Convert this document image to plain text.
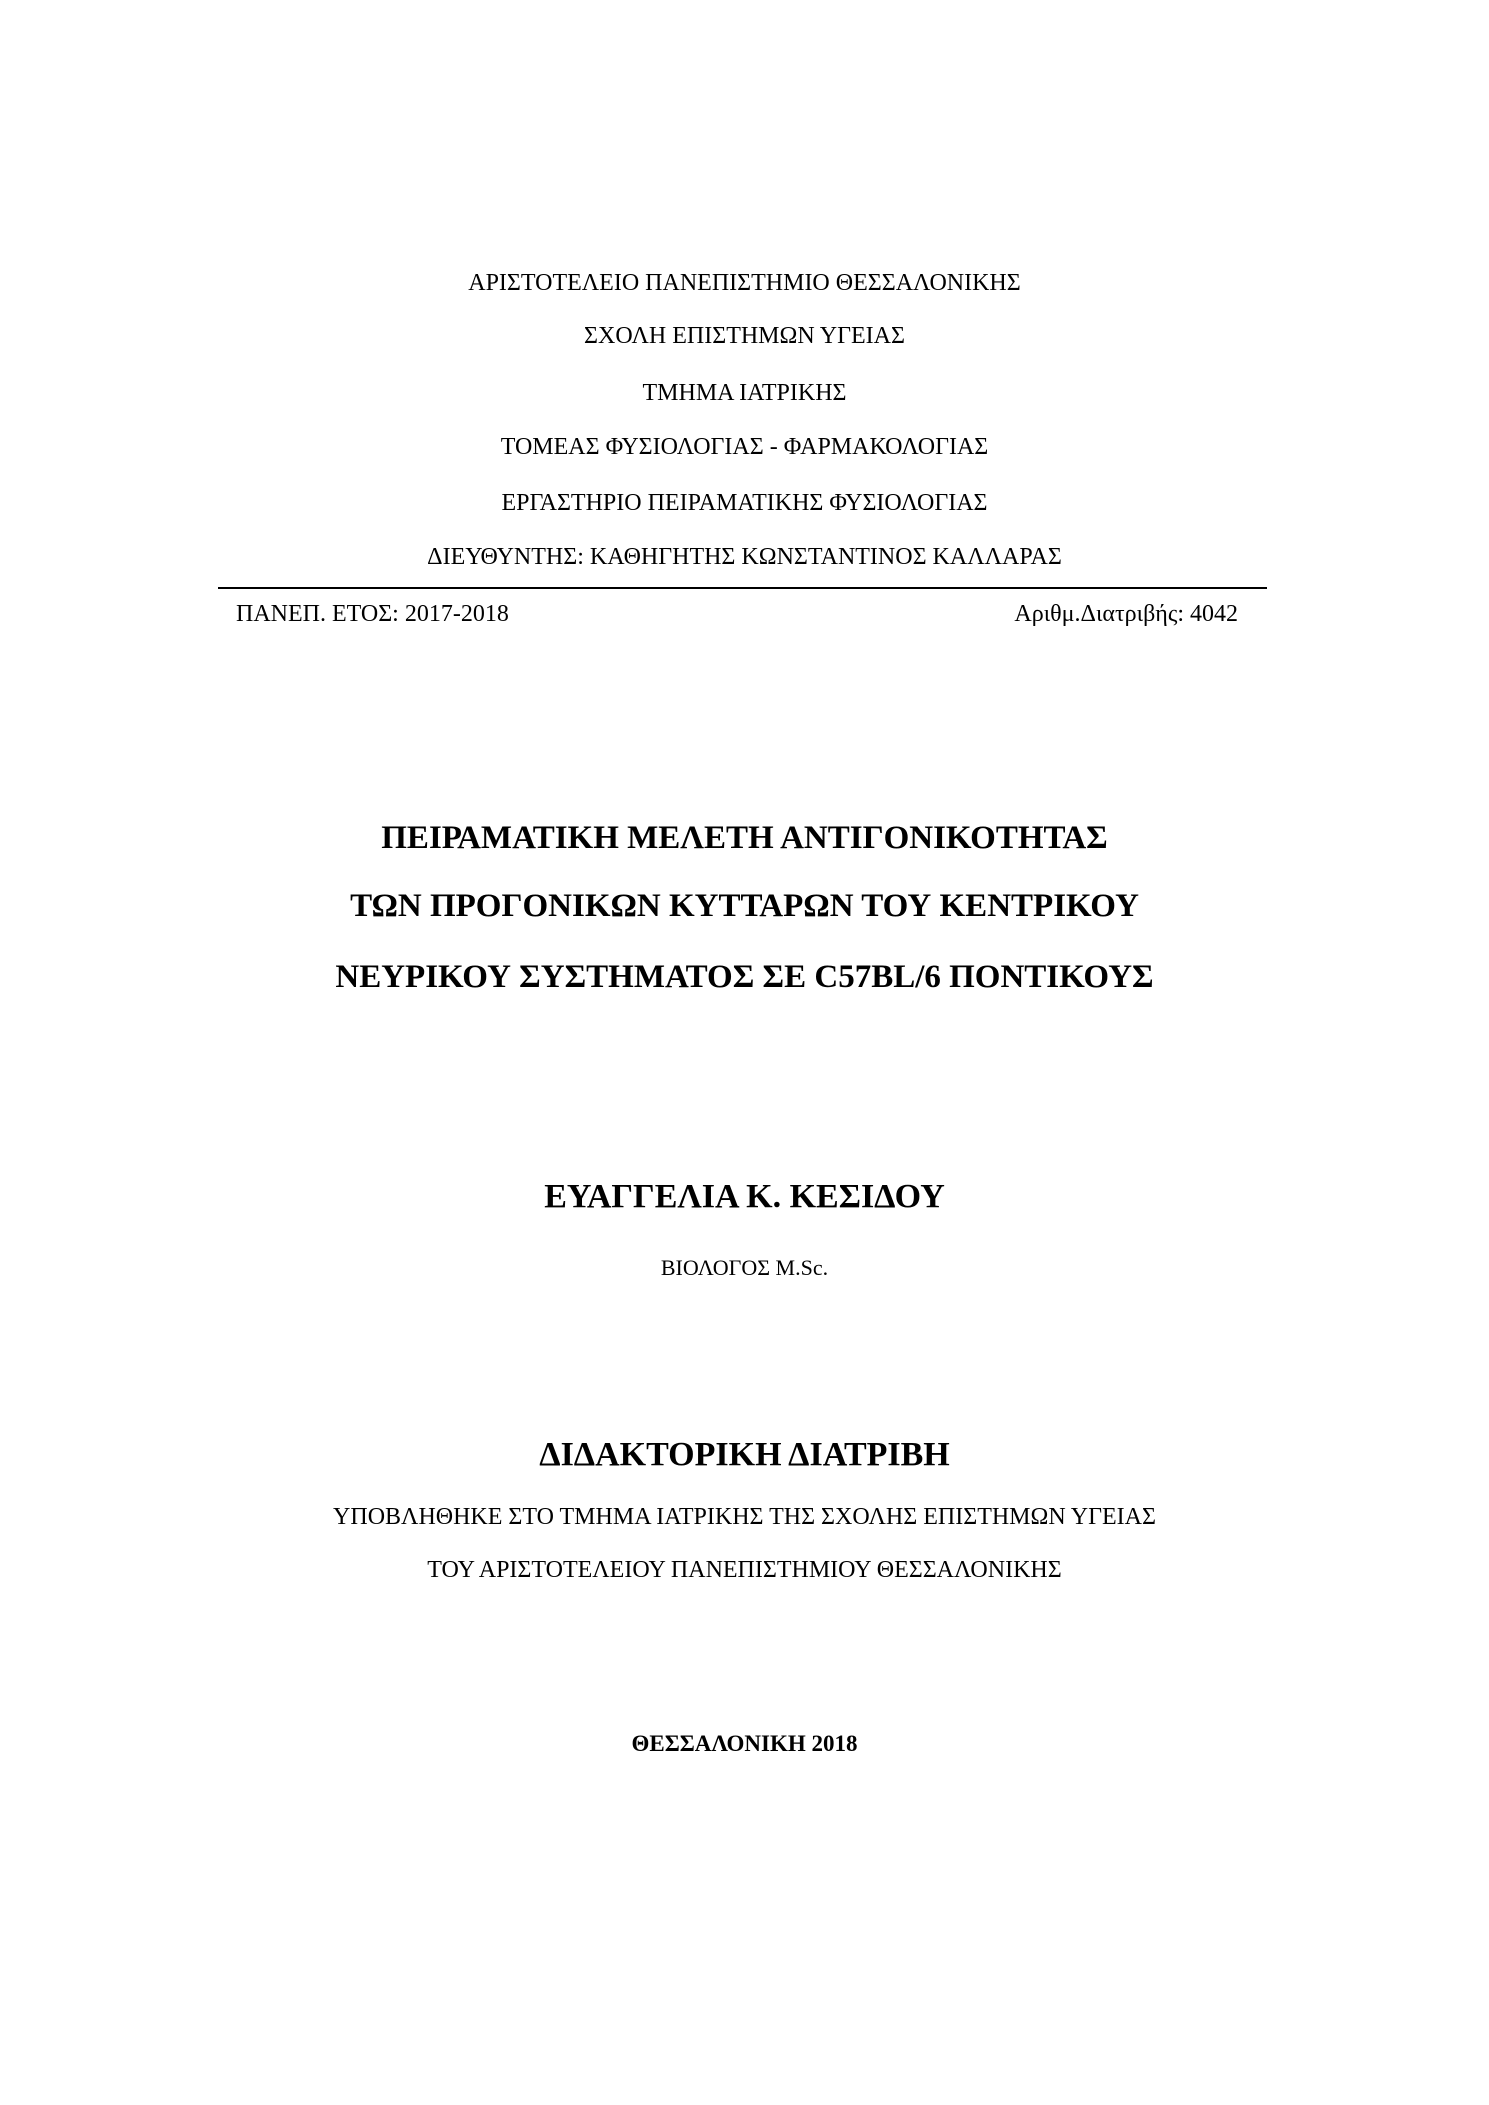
ΑΡΙΣΤΟΤΕΛΕΙΟ ΠΑΝΕΠΙΣΤΗΜΙΟ ΘΕΣΣΑΛΟΝΙΚΗΣ
ΣΧΟΛΗ ΕΠΙΣΤΗΜΩΝ ΥΓΕΙΑΣ
ΤΜΗΜΑ ΙΑΤΡΙΚΗΣ
ΤΟΜΕΑΣ ΦΥΣΙΟΛΟΓΙΑΣ - ΦΑΡΜΑΚΟΛΟΓΙΑΣ
ΕΡΓΑΣΤΗΡΙΟ ΠΕΙΡΑΜΑΤΙΚΗΣ ΦΥΣΙΟΛΟΓΙΑΣ
ΔΙΕΥΘΥΝΤΗΣ: ΚΑΘΗΓΗΤΗΣ ΚΩΝΣΤΑΝΤΙΝΟΣ ΚΑΛΛΑΡΑΣ
ΠΑΝΕΠ. ΕΤΟΣ: 2017-2018	Αριθμ.Διατριβής: 4042
ΠΕΙΡΑΜΑΤΙΚΗ ΜΕΛΕΤΗ ΑΝΤΙΓΟΝΙΚΟΤΗΤΑΣ
ΤΩΝ ΠΡΟΓΟΝΙΚΩΝ ΚΥΤΤΑΡΩΝ ΤΟΥ ΚΕΝΤΡΙΚΟΥ
ΝΕΥΡΙΚΟΥ ΣΥΣΤΗΜΑΤΟΣ ΣΕ C57BL/6 ΠΟΝΤΙΚΟΥΣ
ΕΥΑΓΓΕΛΙΑ Κ. ΚΕΣΙΔΟΥ
ΒΙΟΛΟΓΟΣ M.Sc.
ΔΙΔΑΚΤΟΡΙΚΗ ΔΙΑΤΡΙΒΗ
ΥΠΟΒΛΗΘΗΚΕ ΣΤΟ ΤΜΗΜΑ ΙΑΤΡΙΚΗΣ ΤΗΣ ΣΧΟΛΗΣ ΕΠΙΣΤΗΜΩΝ ΥΓΕΙΑΣ
ΤΟΥ ΑΡΙΣΤΟΤΕΛΕΙΟΥ ΠΑΝΕΠΙΣΤΗΜΙΟΥ ΘΕΣΣΑΛΟΝΙΚΗΣ
ΘΕΣΣΑΛΟΝΙΚΗ 2018
